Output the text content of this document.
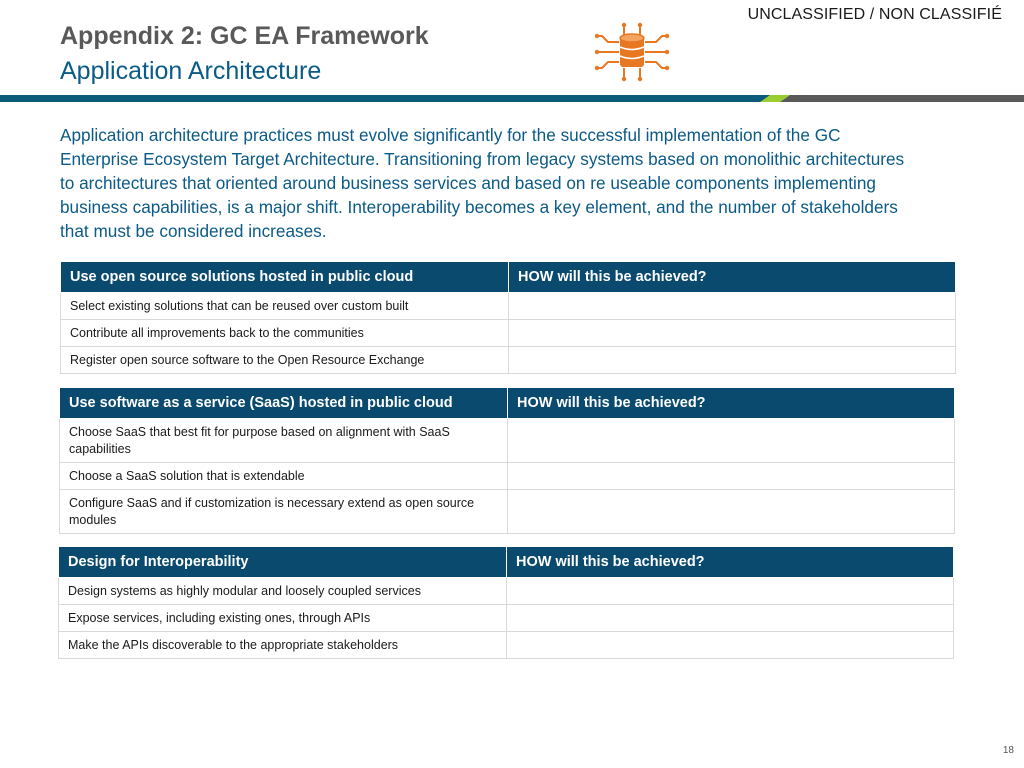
UNCLASSIFIED / NON CLASSIFIÉ
Appendix 2: GC EA Framework
Application Architecture
Application architecture practices must evolve significantly for the successful implementation of the GC Enterprise Ecosystem Target Architecture. Transitioning from legacy systems based on monolithic architectures to architectures that oriented around business services and based on re useable components implementing business capabilities, is a major shift. Interoperability becomes a key element, and the number of stakeholders that must be considered increases.
Use open source solutions hosted in public cloud	HOW will this be achieved?
Select existing solutions that can be reused over custom built	
Contribute all improvements back to the communities	
Register open source software to the Open Resource Exchange	
Use software as a service (SaaS) hosted in public cloud	HOW will this be achieved?
Choose SaaS that best fit for purpose based on alignment with SaaS capabilities	
Choose a SaaS solution that is extendable	
Configure SaaS and if customization is necessary extend as open source modules	
Design for Interoperability	HOW will this be achieved?
Design systems as highly modular and loosely coupled services	
Expose services, including existing ones, through APIs	
Make the APIs discoverable to the appropriate stakeholders	
18
